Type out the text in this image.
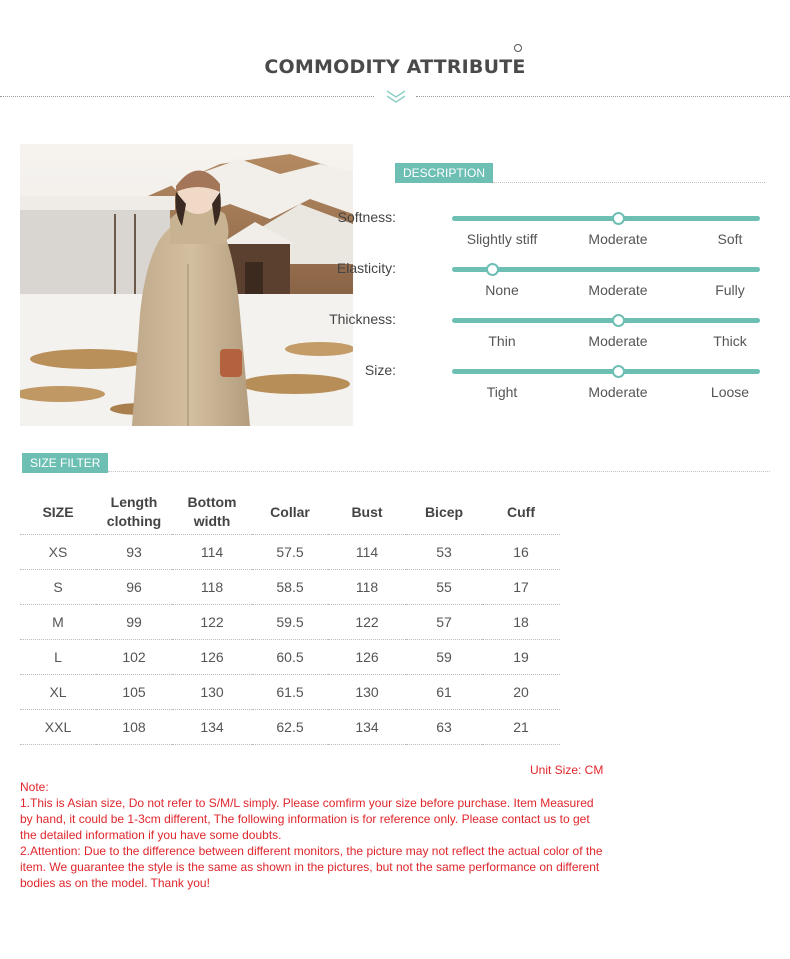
COMMODITY ATTRIBUTE
DESCRIPTION
Softness:
Slightly stiff	Moderate	Soft
Elasticity:
None	Moderate	Fully
Thickness:
Thin	Moderate	Thick
Size:
Tight	Moderate	Loose
SIZE FILTER
SIZE	Length clothing	Bottom width	Collar	Bust	Bicep	Cuff
XS	93	114	57.5	114	53	16
S	96	118	58.5	118	55	17
M	99	122	59.5	122	57	18
L	102	126	60.5	126	59	19
XL	105	130	61.5	130	61	20
XXL	108	134	62.5	134	63	21
Unit Size: CM

Note:

1.This is Asian size, Do not refer to S/M/L simply. Please comfirm your size before purchase. Item Measured by hand, it could be 1-3cm different, The following information is for reference only. Please contact us to get the detailed information if you have some doubts.

2.Attention: Due to the difference between different monitors, the picture may not reflect the actual color of the item. We guarantee the style is the same as shown in the pictures, but not the same performance on different bodies as on the model. Thank you!
